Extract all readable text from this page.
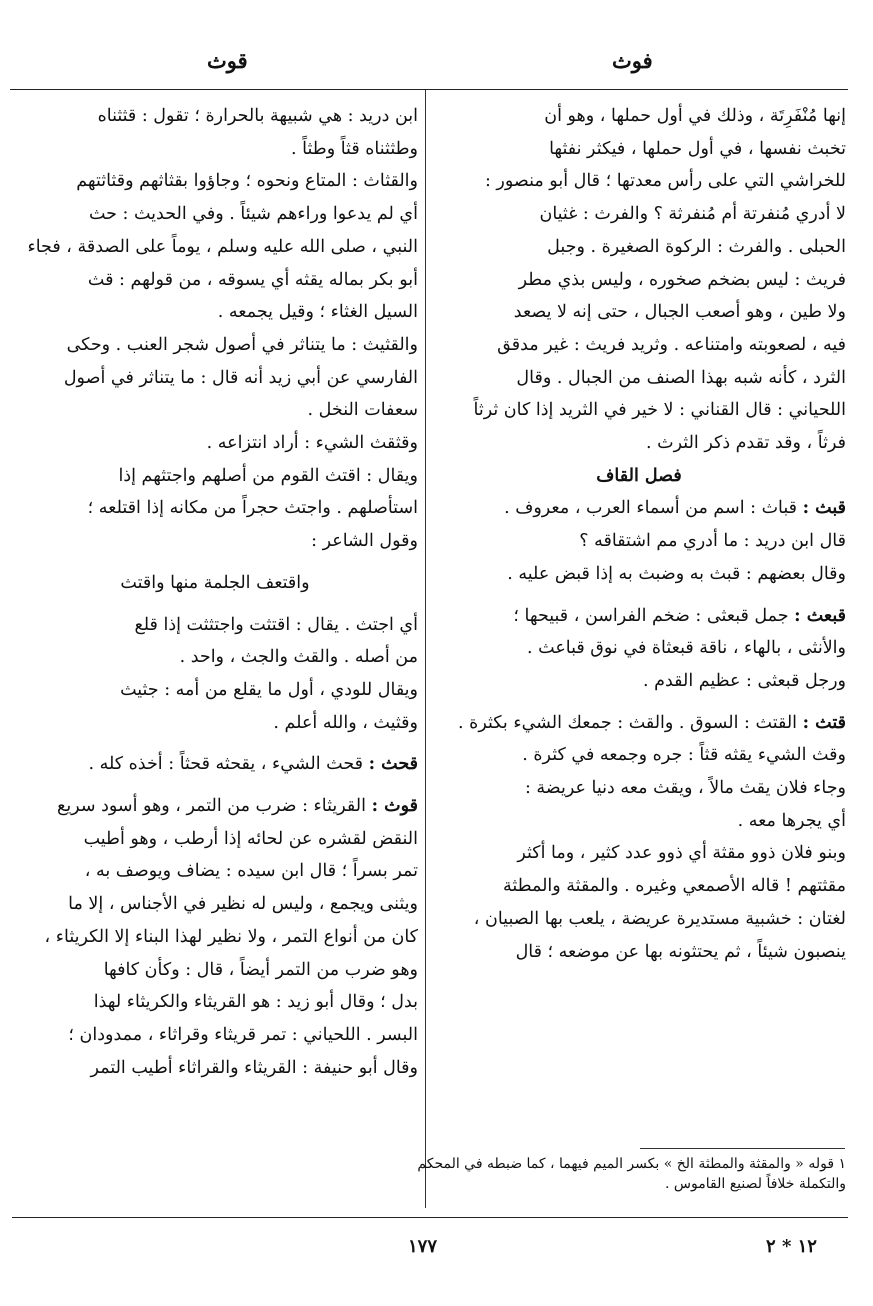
فوث
قوث

إنها مُنْفَرِتَة ، وذلك في أول حملها ، وهو أن

تخبث نفسها ، في أول حملها ، فيكثر نفثها

للخراشي التي على رأس معدتها ؛ قال أبو منصور :

لا أدري مُنفرتة أم مُنفرثة ؟ والفرث : غثيان

الحبلى . والفرث : الركوة الصغيرة . وجبل

فريث : ليس بضخم صخوره ، وليس بذي مطر

ولا طين ، وهو أصعب الجبال ، حتى إنه لا يصعد

فيه ، لصعوبته وامتناعه . وثريد فريث : غير مدقق

الثرد ، كأنه شبه بهذا الصنف من الجبال . وقال

اللحياني : قال القناني : لا خير في الثريد إذا كان ثرثاً

فرثاً ، وقد تقدم ذكر الثرث .

فصل القاف

قبث : قباث : اسم من أسماء العرب ، معروف .

قال ابن دريد : ما أدري مم اشتقاقه ؟

وقال بعضهم : قبث به وضبث به إذا قبض عليه .

قبعث : جمل قبعثى : ضخم الفراسن ، قبيحها ؛

والأنثى ، بالهاء ، ناقة قبعثاة في نوق قباعث .

ورجل قبعثى : عظيم القدم .

قتث : القتث : السوق . والقث : جمعك الشيء بكثرة .

وقث الشيء يقثه قثاً : جره وجمعه في كثرة .

وجاء فلان يقث مالاً ، ويقث معه دنيا عريضة :

أي يجرها معه .

وبنو فلان ذوو مقثة أي ذوو عدد كثير ، وما أكثر

مقثتهم ! قاله الأصمعي وغيره . والمقثة والمطثة

لغتان : خشبية مستديرة عريضة ، يلعب بها الصبيان ،

ينصبون شيئاً ، ثم يحتثونه بها عن موضعه ؛ قال

ابن دريد : هي شبيهة بالحرارة ؛ تقول : قثثناه

وطثثناه قثاً وطثاً .

والقثاث : المتاع ونحوه ؛ وجاؤوا بقثاثهم وقثاثتهم

أي لم يدعوا وراءهم شيئاً . وفي الحديث : حث

النبي ، صلى الله عليه وسلم ، يوماً على الصدقة ، فجاء

أبو بكر بماله يقثه أي يسوقه ، من قولهم : قث

السيل الغثاء ؛ وقيل يجمعه .

والقثيث : ما يتناثر في أصول شجر العنب . وحكى

الفارسي عن أبي زيد أنه قال : ما يتناثر في أصول

سعفات النخل .

وقثقث الشيء : أراد انتزاعه .

ويقال : اقتث القوم من أصلهم واجتثهم إذا

استأصلهم . واجتث حجراً من مكانه إذا اقتلعه ؛

وقول الشاعر :

واقتعف الجلمة منها واقتث

أي اجتث . يقال : اقتثت واجتثثت إذا قلع

من أصله . والقث والجث ، واحد .

ويقال للودي ، أول ما يقلع من أمه : جثيث

وقثيث ، والله أعلم .

قحث : قحث الشيء ، يقحثه قحثاً : أخذه كله .

قوث : القريثاء : ضرب من التمر ، وهو أسود سريع

النقض لقشره عن لحائه إذا أرطب ، وهو أطيب

تمر بسراً ؛ قال ابن سيده : يضاف ويوصف به ،

ويثنى ويجمع ، وليس له نظير في الأجناس ، إلا ما

كان من أنواع التمر ، ولا نظير لهذا البناء إلا الكريثاء ،

وهو ضرب من التمر أيضاً ، قال : وكأن كافها

بدل ؛ وقال أبو زيد : هو القريثاء والكريثاء لهذا

البسر . اللحياني : تمر قريثاء وقراثاء ، ممدودان ؛

وقال أبو حنيفة : القريثاء والقراثاء أطيب التمر

١ قوله « والمقثة والمطثة الخ » بكسر الميم فيهما ، كما ضبطه في المحكم
والتكملة خلافاً لصنيع القاموس .
١٧٧	١٢ * ٢
